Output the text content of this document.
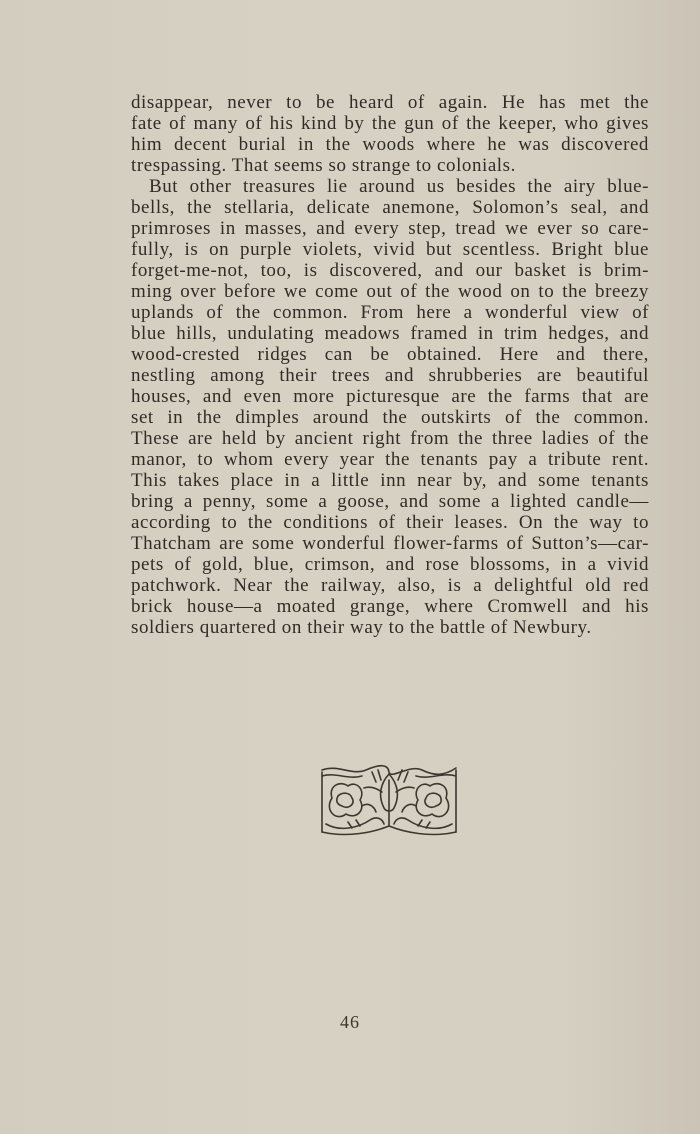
disappear, never to be heard of again. He has met the
fate of many of his kind by the gun of the keeper, who gives
him decent burial in the woods where he was discovered
trespassing. That seems so strange to colonials.
But other treasures lie around us besides the airy blue-
bells, the stellaria, delicate anemone, Solomon’s seal, and
primroses in masses, and every step, tread we ever so care-
fully, is on purple violets, vivid but scentless. Bright blue
forget-me-not, too, is discovered, and our basket is brim-
ming over before we come out of the wood on to the breezy
uplands of the common. From here a wonderful view of
blue hills, undulating meadows framed in trim hedges, and
wood-crested ridges can be obtained. Here and there,
nestling among their trees and shrubberies are beautiful
houses, and even more picturesque are the farms that are
set in the dimples around the outskirts of the common.
These are held by ancient right from the three ladies of the
manor, to whom every year the tenants pay a tribute rent.
This takes place in a little inn near by, and some tenants
bring a penny, some a goose, and some a lighted candle—
according to the conditions of their leases. On the way to
Thatcham are some wonderful flower-farms of Sutton’s—car-
pets of gold, blue, crimson, and rose blossoms, in a vivid
patchwork. Near the railway, also, is a delightful old red
brick house—a moated grange, where Cromwell and his
soldiers quartered on their way to the battle of Newbury.
46
